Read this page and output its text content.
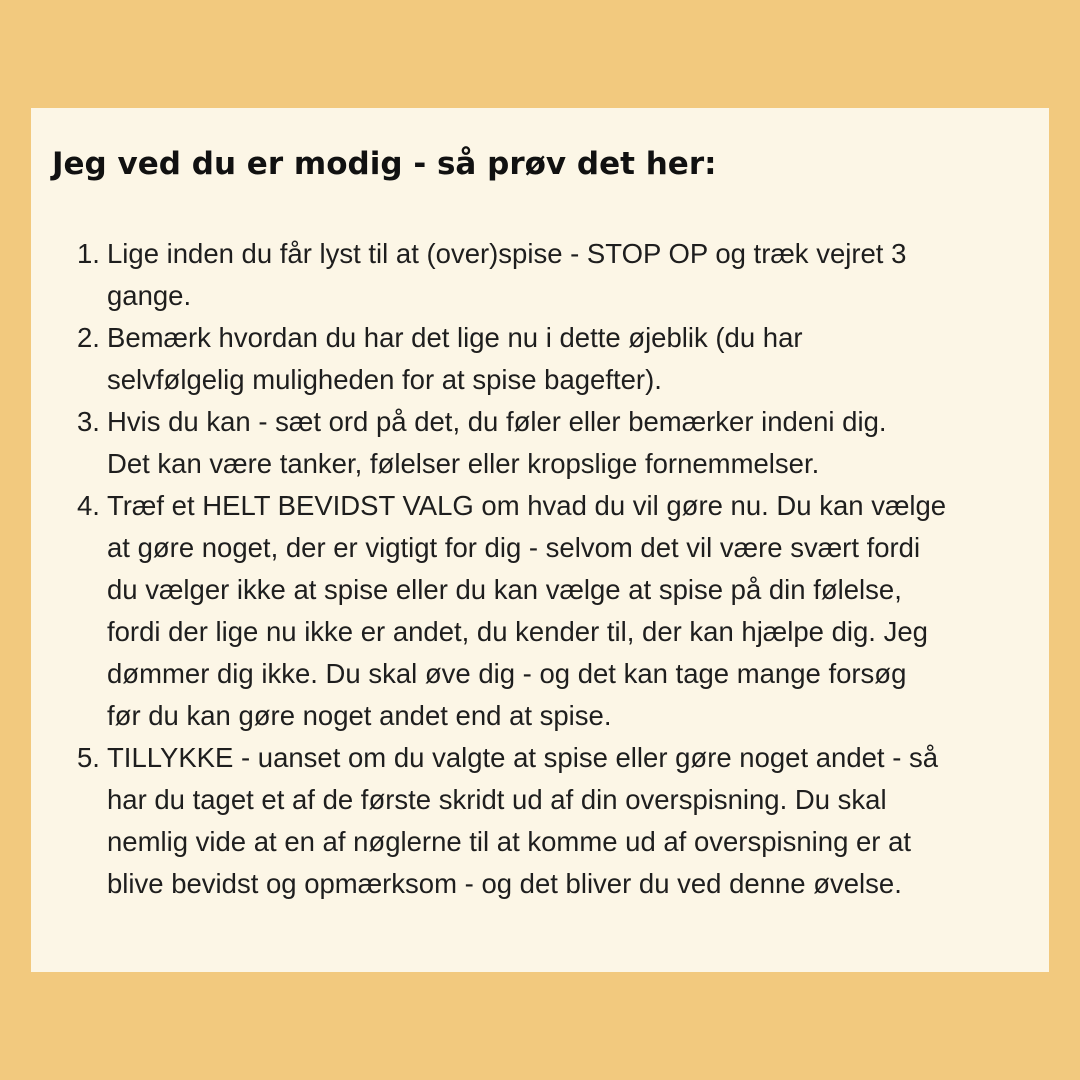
Jeg ved du er modig - så prøv det her:
1. Lige inden du får lyst til at (over)spise - STOP OP og træk vejret 3
gange.
2. Bemærk hvordan du har det lige nu i dette øjeblik (du har
selvfølgelig muligheden for at spise bagefter).
3. Hvis du kan - sæt ord på det, du føler eller bemærker indeni dig.
Det kan være tanker, følelser eller kropslige fornemmelser.
4. Træf et HELT BEVIDST VALG om hvad du vil gøre nu. Du kan vælge
at gøre noget, der er vigtigt for dig - selvom det vil være svært fordi
du vælger ikke at spise eller du kan vælge at spise på din følelse,
fordi der lige nu ikke er andet, du kender til, der kan hjælpe dig. Jeg
dømmer dig ikke. Du skal øve dig - og det kan tage mange forsøg
før du kan gøre noget andet end at spise.
5. TILLYKKE - uanset om du valgte at spise eller gøre noget andet - så
har du taget et af de første skridt ud af din overspisning. Du skal
nemlig vide at en af nøglerne til at komme ud af overspisning er at
blive bevidst og opmærksom - og det bliver du ved denne øvelse.
